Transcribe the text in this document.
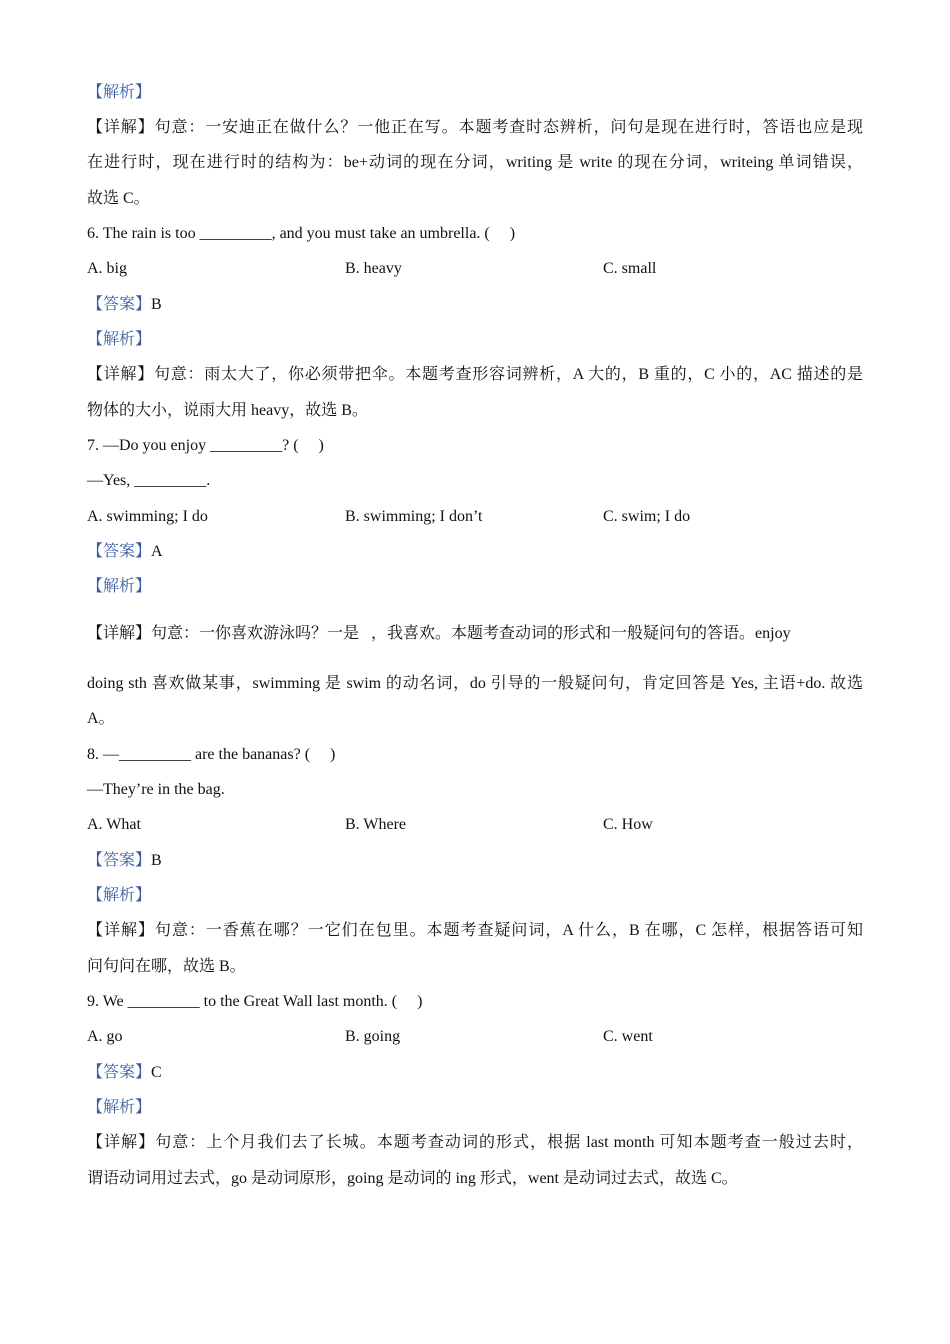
【解析】
【详解】句意：一安迪正在做什么？一他正在写。本题考查时态辨析，问句是现在进行时，答语也应是现
在进行时，现在进行时的结构为：be+动词的现在分词，writing 是 write 的现在分词，writeing 单词错误，
故选 C。
6. The rain is too _________, and you must take an umbrella. (     )
A. big	B. heavy	C. small
【答案】B
【解析】
【详解】句意：雨太大了，你必须带把伞。本题考查形容词辨析，A 大的，B 重的，C 小的，AC 描述的是
物体的大小，说雨大用 heavy，故选 B。
7. —Do you enjoy _________? (     )
—Yes, _________.
A. swimming; I do	B. swimming; I don’t	C. swim; I do
【答案】A
【解析】
【详解】句意：一你喜欢游泳吗？一是   ，我喜欢。本题考查动词的形式和一般疑问句的答语。enjoy
doing sth 喜欢做某事，swimming 是 swim 的动名词，do 引导的一般疑问句，肯定回答是 Yes, 主语+do. 故选
A。
8. —_________ are the bananas? (     )
—They’re in the bag.
A. What	B. Where	C. How
【答案】B
【解析】
【详解】句意：一香蕉在哪？一它们在包里。本题考查疑问词，A 什么，B 在哪，C 怎样，根据答语可知
问句问在哪，故选 B。
9. We _________ to the Great Wall last month. (     )
A. go	B. going	C. went
【答案】C
【解析】
【详解】句意：上个月我们去了长城。本题考查动词的形式，根据 last month 可知本题考查一般过去时，
谓语动词用过去式，go 是动词原形，going 是动词的 ing 形式，went 是动词过去式，故选 C。
